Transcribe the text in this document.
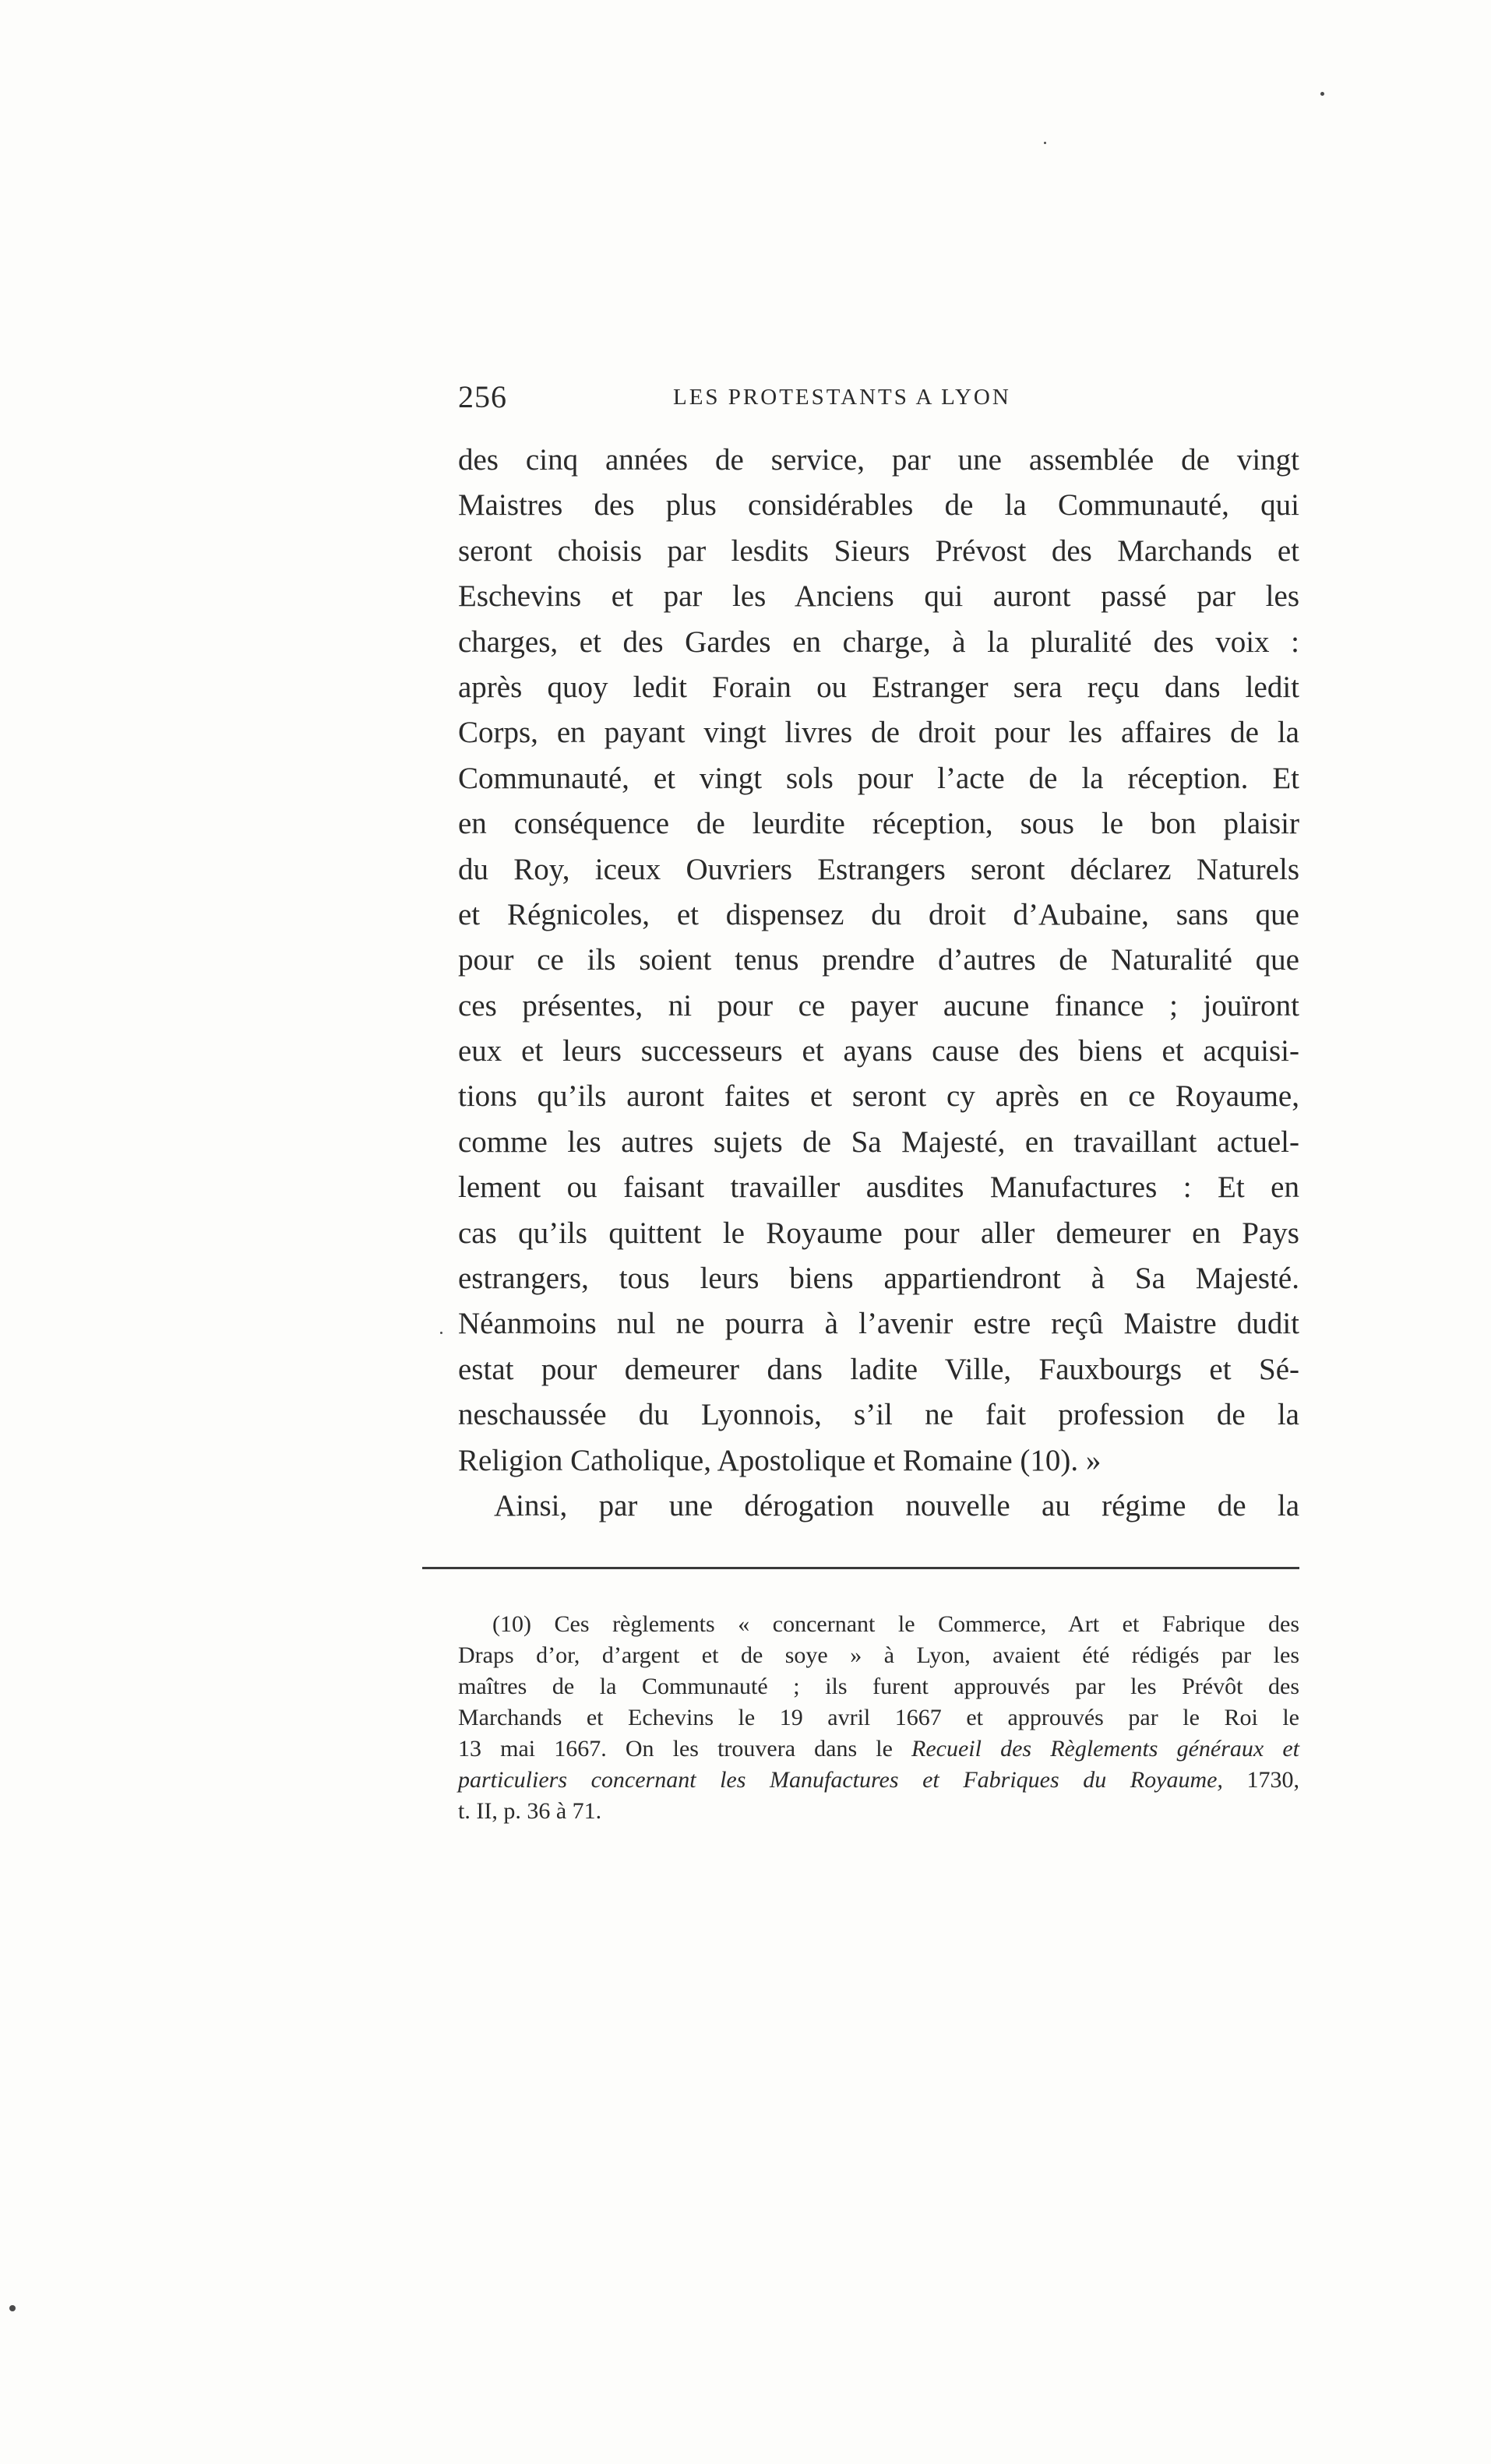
256	LES PROTESTANTS A LYON
des cinq années de service, par une assemblée de vingt
Maistres des plus considérables de la Communauté, qui
seront choisis par lesdits Sieurs Prévost des Marchands et
Eschevins et par les Anciens qui auront passé par les
charges, et des Gardes en charge, à la pluralité des voix :
après quoy ledit Forain ou Estranger sera reçu dans ledit
Corps, en payant vingt livres de droit pour les affaires de la
Communauté, et vingt sols pour l’acte de la réception. Et
en conséquence de leurdite réception, sous le bon plaisir
du Roy, iceux Ouvriers Estrangers seront déclarez Naturels
et Régnicoles, et dispensez du droit d’Aubaine, sans que
pour ce ils soient tenus prendre d’autres de Naturalité que
ces présentes, ni pour ce payer aucune finance ; jouïront
eux et leurs successeurs et ayans cause des biens et acquisi-
tions qu’ils auront faites et seront cy après en ce Royaume,
comme les autres sujets de Sa Majesté, en travaillant actuel-
lement ou faisant travailler ausdites Manufactures : Et en
cas qu’ils quittent le Royaume pour aller demeurer en Pays
estrangers, tous leurs biens appartiendront à Sa Majesté.
Néanmoins nul ne pourra à l’avenir estre reçû Maistre dudit
estat pour demeurer dans ladite Ville, Fauxbourgs et Sé-
neschaussée du Lyonnois, s’il ne fait profession de la
Religion Catholique, Apostolique et Romaine (10). »
Ainsi, par une dérogation nouvelle au régime de la
(10) Ces règlements « concernant le Commerce, Art et Fabrique des
Draps d’or, d’argent et de soye » à Lyon, avaient été rédigés par les
maîtres de la Communauté ; ils furent approuvés par les Prévôt des
Marchands et Echevins le 19 avril 1667 et approuvés par le Roi le
13 mai 1667. On les trouvera dans le Recueil des Règlements généraux et
particuliers concernant les Manufactures et Fabriques du Royaume, 1730,
t. II, p. 36 à 71.
